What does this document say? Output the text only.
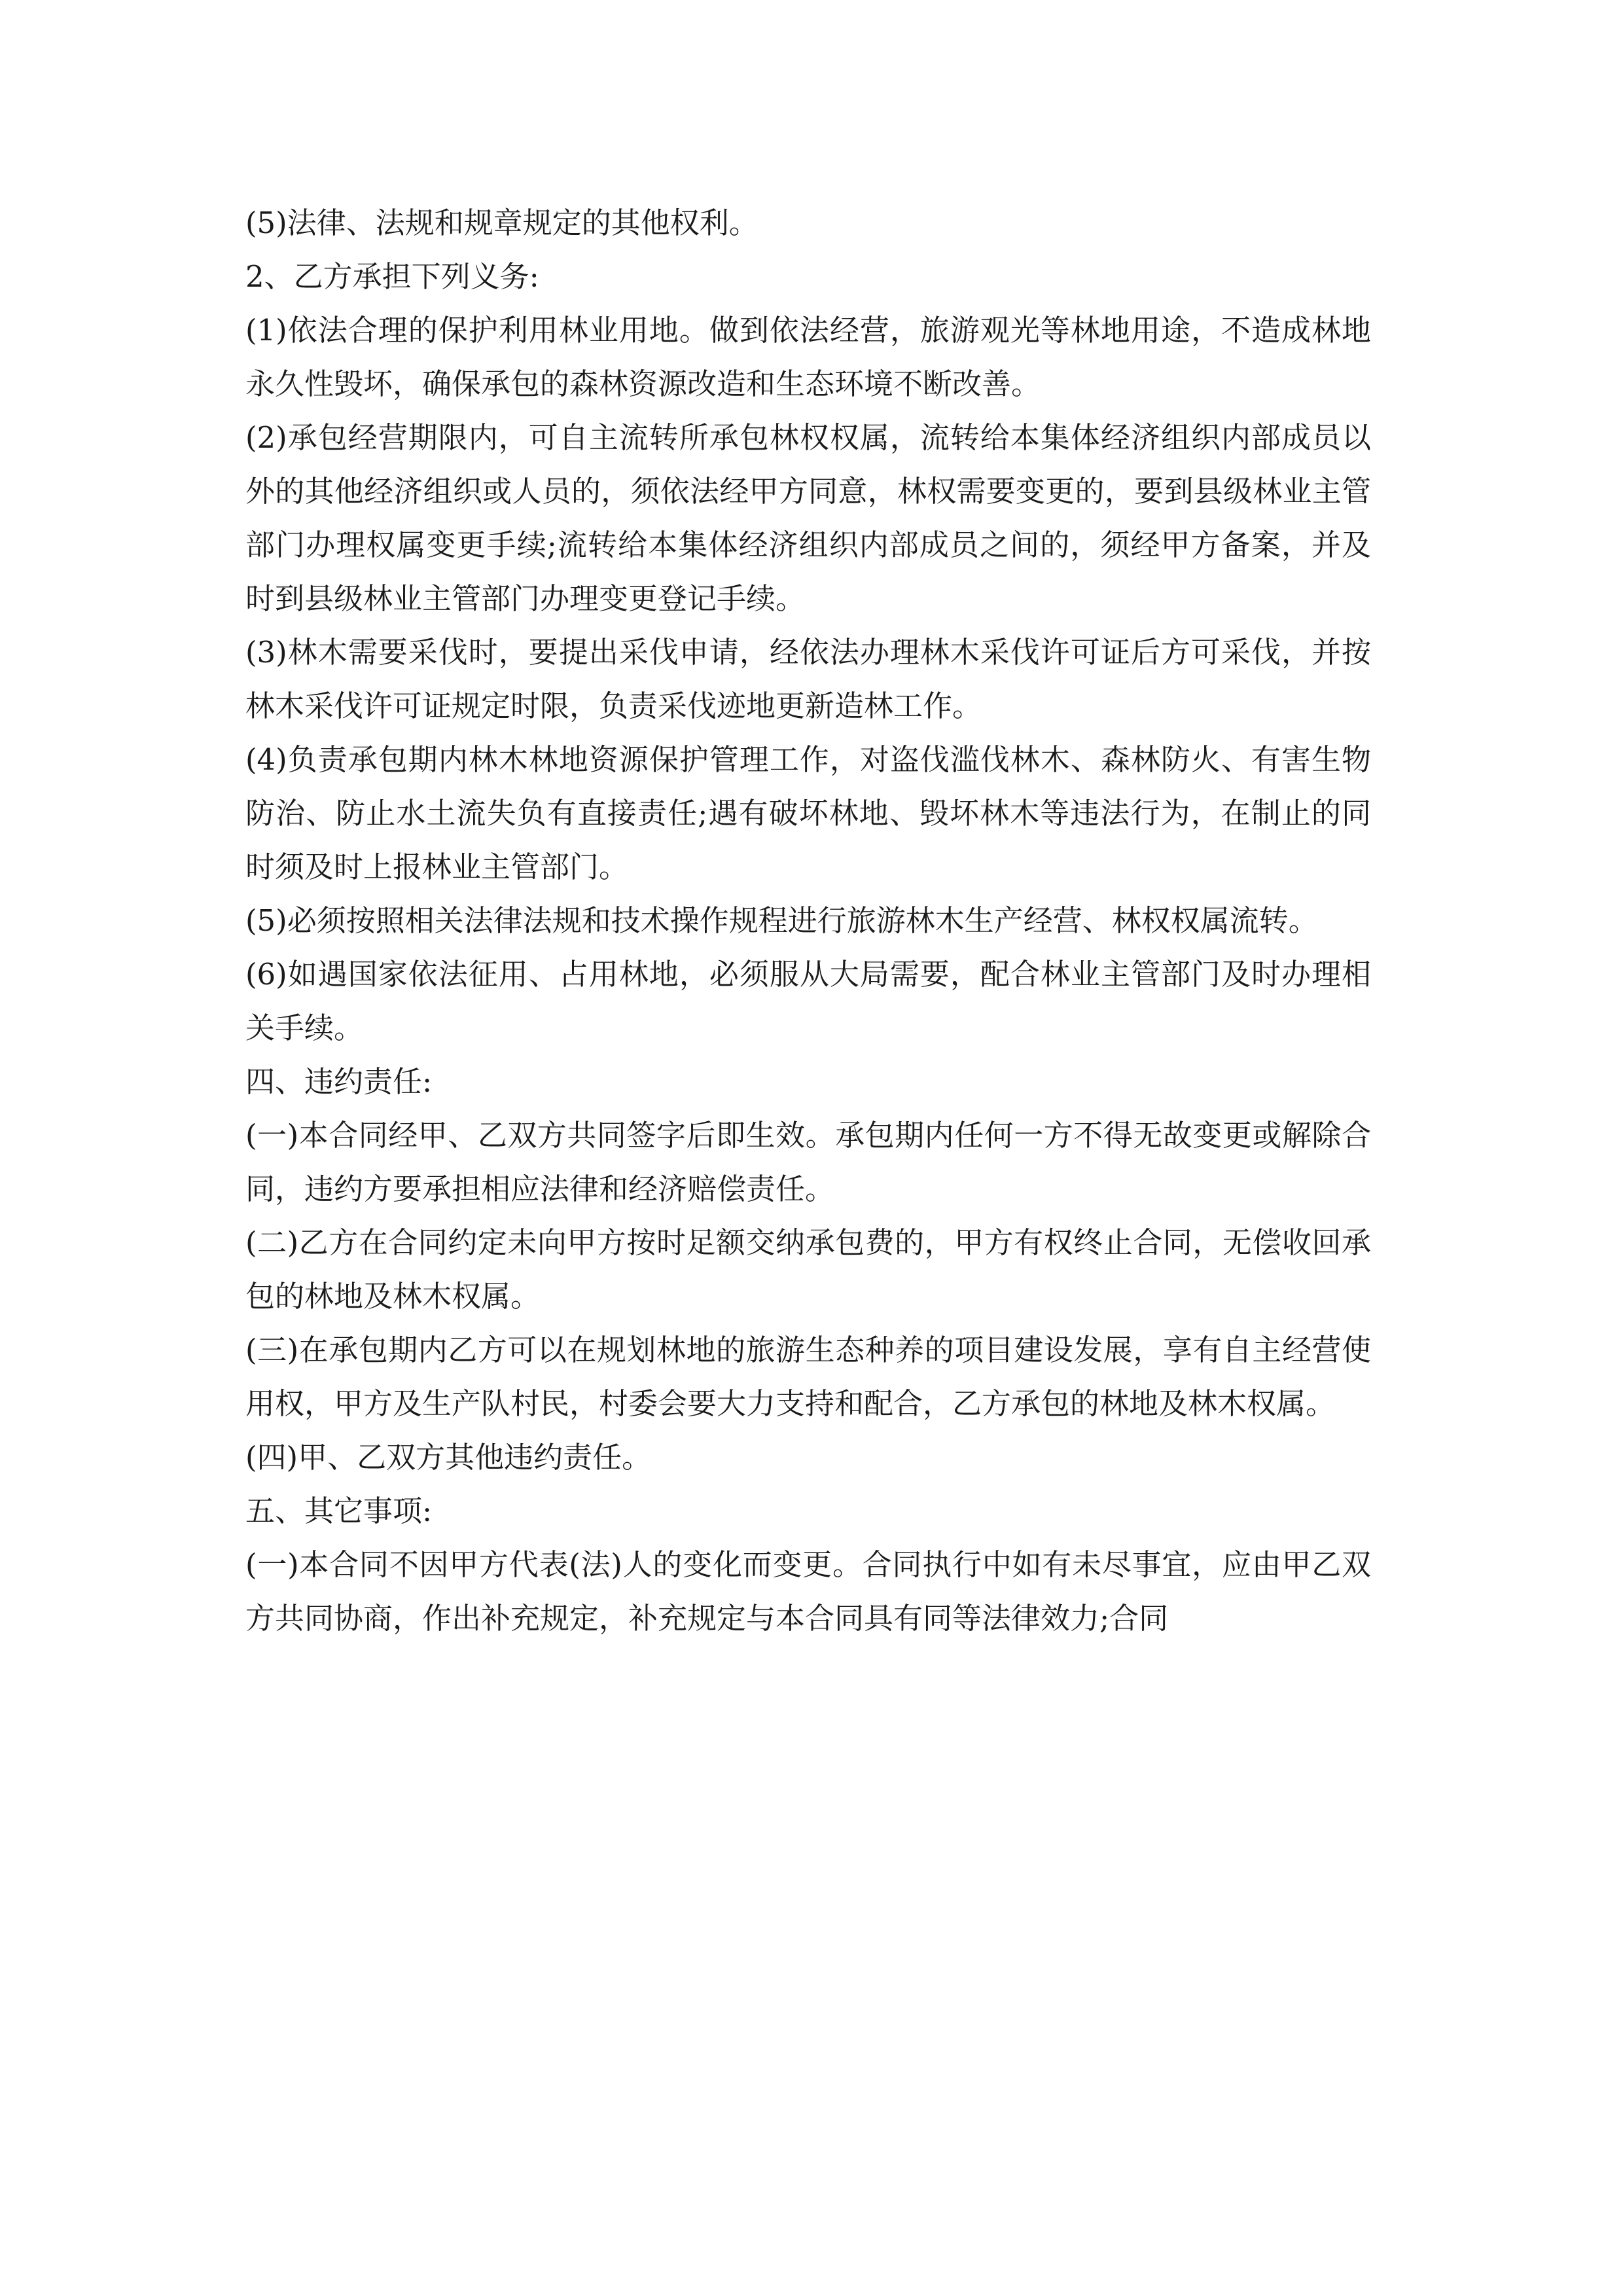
(5)法律、法规和规章规定的其他权利。

2、乙方承担下列义务:

(1)依法合理的保护利用林业用地。做到依法经营，旅游观光等林地用途，不造成林地永久性毁坏，确保承包的森林资源改造和生态环境不断改善。

(2)承包经营期限内，可自主流转所承包林权权属，流转给本集体经济组织内部成员以外的其他经济组织或人员的，须依法经甲方同意，林权需要变更的，要到县级林业主管部门办理权属变更手续;流转给本集体经济组织内部成员之间的，须经甲方备案，并及时到县级林业主管部门办理变更登记手续。

(3)林木需要采伐时，要提出采伐申请，经依法办理林木采伐许可证后方可采伐，并按林木采伐许可证规定时限，负责采伐迹地更新造林工作。

(4)负责承包期内林木林地资源保护管理工作，对盗伐滥伐林木、森林防火、有害生物防治、防止水土流失负有直接责任;遇有破坏林地、毁坏林木等违法行为，在制止的同时须及时上报林业主管部门。

(5)必须按照相关法律法规和技术操作规程进行旅游林木生产经营、林权权属流转。

(6)如遇国家依法征用、占用林地，必须服从大局需要，配合林业主管部门及时办理相关手续。

四、违约责任:

(一)本合同经甲、乙双方共同签字后即生效。承包期内任何一方不得无故变更或解除合同，违约方要承担相应法律和经济赔偿责任。

(二)乙方在合同约定未向甲方按时足额交纳承包费的，甲方有权终止合同，无偿收回承包的林地及林木权属。

(三)在承包期内乙方可以在规划林地的旅游生态种养的项目建设发展，享有自主经营使用权，甲方及生产队村民，村委会要大力支持和配合，乙方承包的林地及林木权属。

(四)甲、乙双方其他违约责任。

五、其它事项:

(一)本合同不因甲方代表(法)人的变化而变更。合同执行中如有未尽事宜，应由甲乙双方共同协商，作出补充规定，补充规定与本合同具有同等法律效力;合同
